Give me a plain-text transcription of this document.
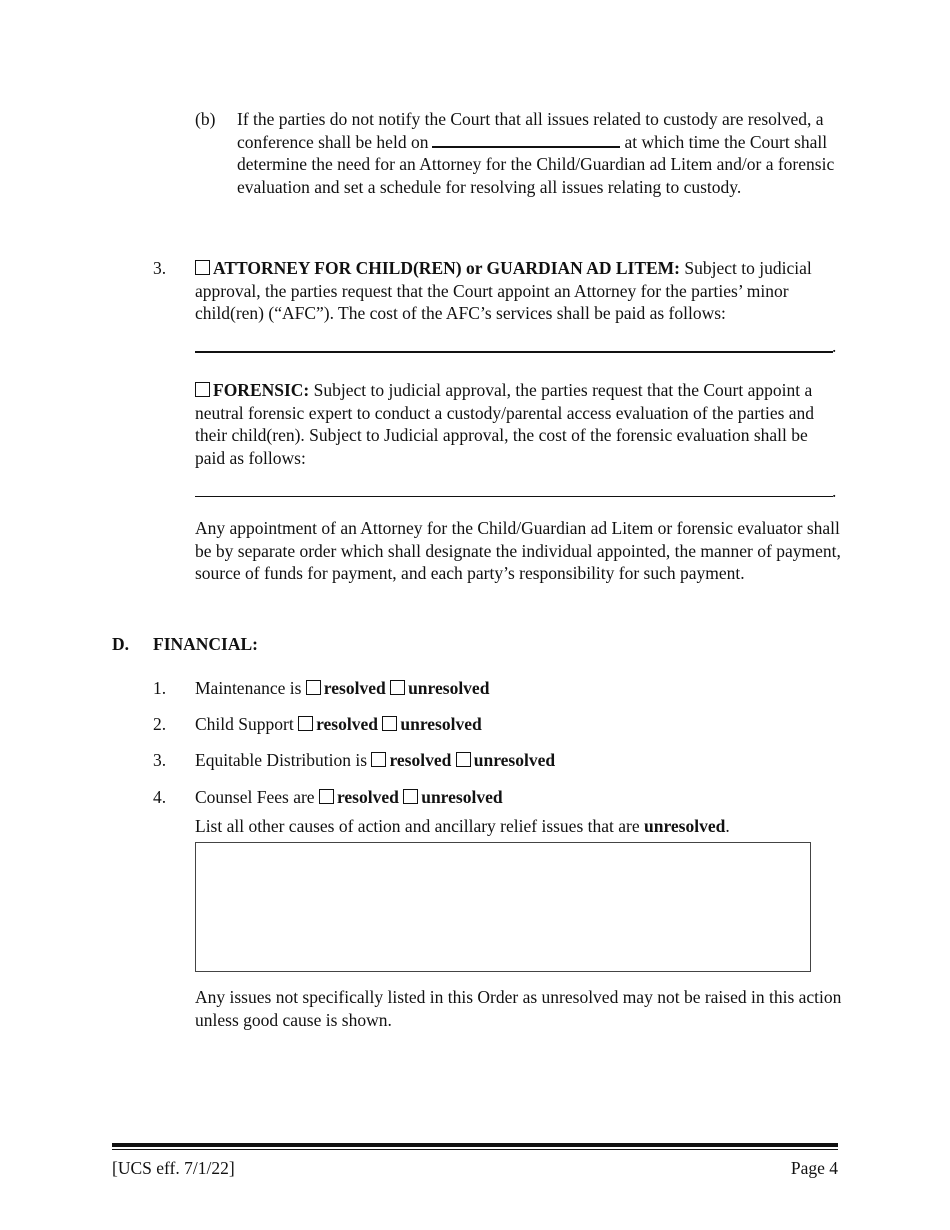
(b) If the parties do not notify the Court that all issues related to custody are resolved, a conference shall be held on	at which time the Court shall determine the need for an Attorney for the Child/Guardian ad Litem and/or a forensic evaluation and set a schedule for resolving all issues relating to custody.
3.	ATTORNEY FOR CHILD(REN) or GUARDIAN AD LITEM: Subject to judicial approval, the parties request that the Court appoint an Attorney for the parties’ minor child(ren) (“AFC”). The cost of the AFC’s services shall be paid as follows:
.
FORENSIC: Subject to judicial approval, the parties request that the Court appoint a neutral forensic expert to conduct a custody/parental access evaluation of the parties and their child(ren). Subject to Judicial approval, the cost of the forensic evaluation shall be paid as follows:
.
Any appointment of an Attorney for the Child/Guardian ad Litem or forensic evaluator shall be by separate order which shall designate the individual appointed, the manner of payment, source of funds for payment, and each party’s responsibility for such payment.
D. FINANCIAL:
1. Maintenance is resolved unresolved
2. Child Support resolved unresolved
3. Equitable Distribution is resolved unresolved
4. Counsel Fees are resolved unresolved
List all other causes of action and ancillary relief issues that are unresolved.
Any issues not specifically listed in this Order as unresolved may not be raised in this action unless good cause is shown.
[UCS eff. 7/1/22]	Page 4
